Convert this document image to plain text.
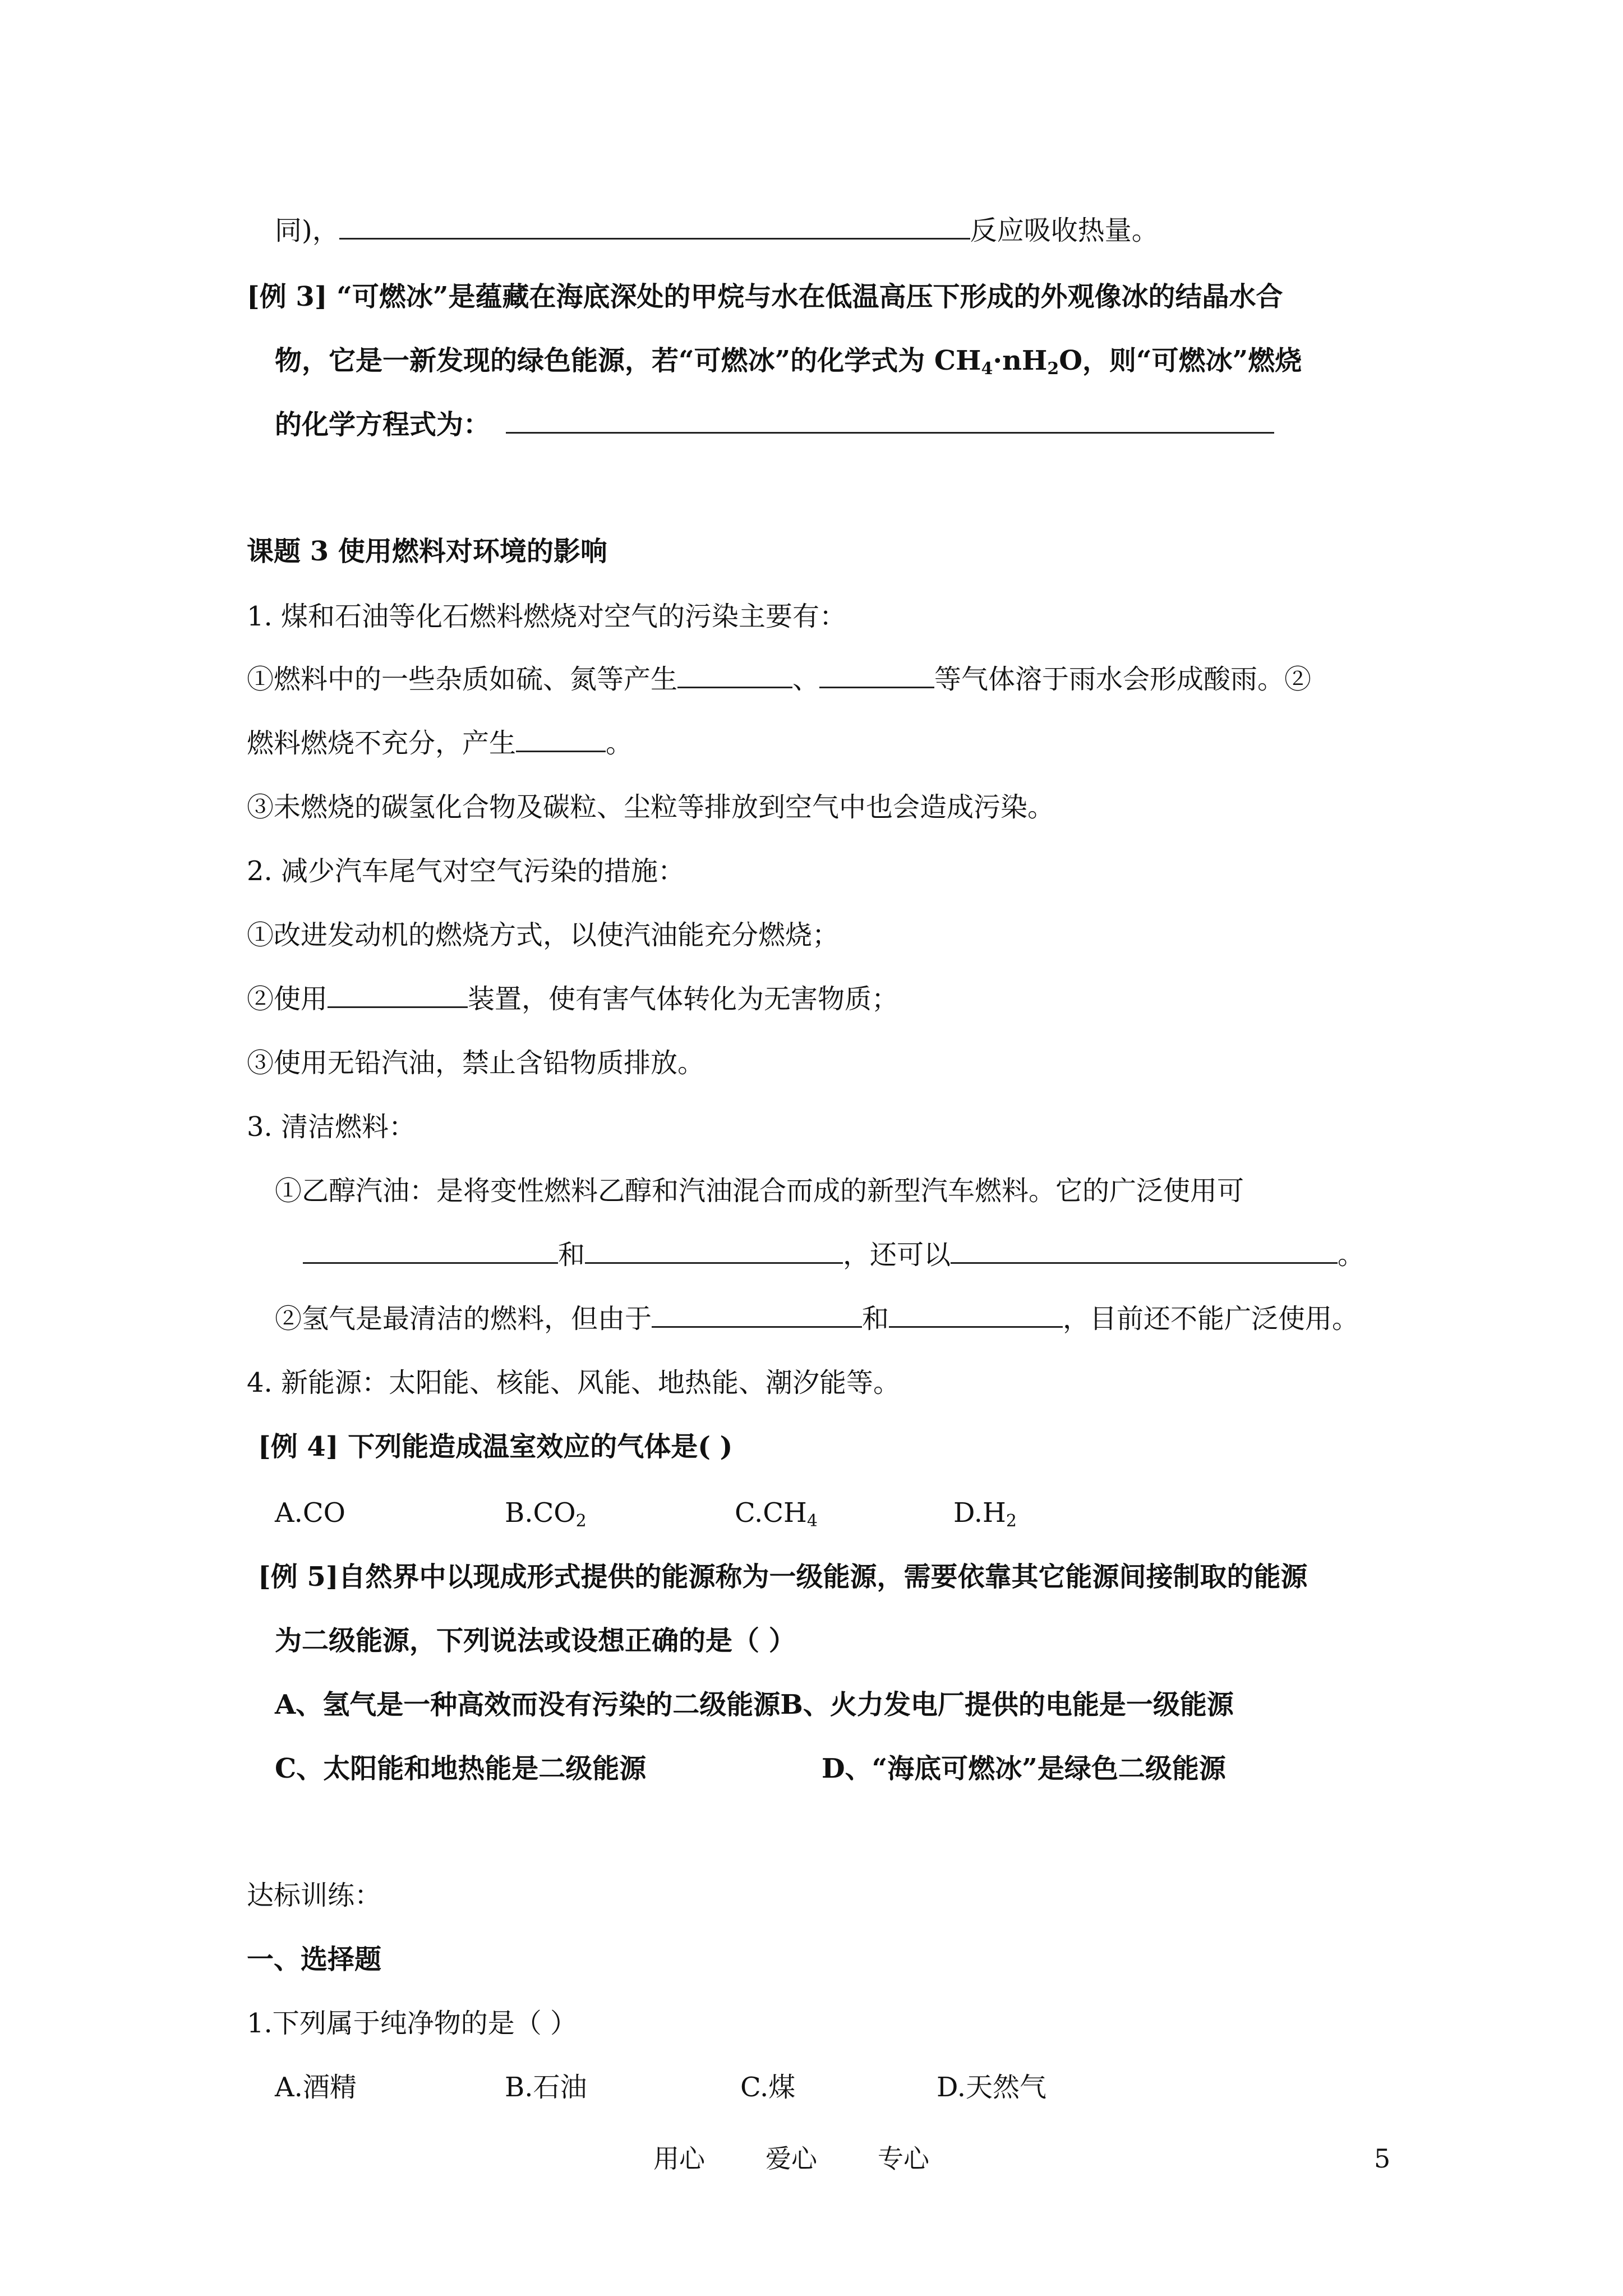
同)，	反应吸收热量。
[例 3] “可燃冰”是蕴藏在海底深处的甲烷与水在低温高压下形成的外观像冰的结晶水合
物，它是一新发现的绿色能源，若“可燃冰”的化学式为 $CH_4\cdot nH_2O$，则“可燃冰”燃烧
的化学方程式为：
课题 3 使用燃料对环境的影响
1. 煤和石油等化石燃料燃烧对空气的污染主要有：
①燃料中的一些杂质如硫、氮等产生	、	等气体溶于雨水会形成酸雨。②
燃料燃烧不充分，产生	。
③未燃烧的碳氢化合物及碳粒、尘粒等排放到空气中也会造成污染。
2. 减少汽车尾气对空气污染的措施：
①改进发动机的燃烧方式，以使汽油能充分燃烧；
②使用	装置，使有害气体转化为无害物质；
③使用无铅汽油，禁止含铅物质排放。
3. 清洁燃料：
①乙醇汽油：是将变性燃料乙醇和汽油混合而成的新型汽车燃料。它的广泛使用可
和	，还可以	。
②氢气是最清洁的燃料，但由于	和	，目前还不能广泛使用。
4. 新能源：太阳能、核能、风能、地热能、潮汐能等。
[例 4] 下列能造成温室效应的气体是( )
A.CO	$B.CO_2$	$C.CH_4$	$D.H_2$
[例 5]自然界中以现成形式提供的能源称为一级能源，需要依靠其它能源间接制取的能源
为二级能源，下列说法或设想正确的是（ ）
A、氢气是一种高效而没有污染的二级能源B、火力发电厂提供的电能是一级能源
C、太阳能和地热能是二级能源	D、“海底可燃冰”是绿色二级能源
达标训练：
一、选择题
1.下列属于纯净物的是（ ）
A.酒精	B.石油	C.煤	D.天然气
用心 爱心 专心	5
